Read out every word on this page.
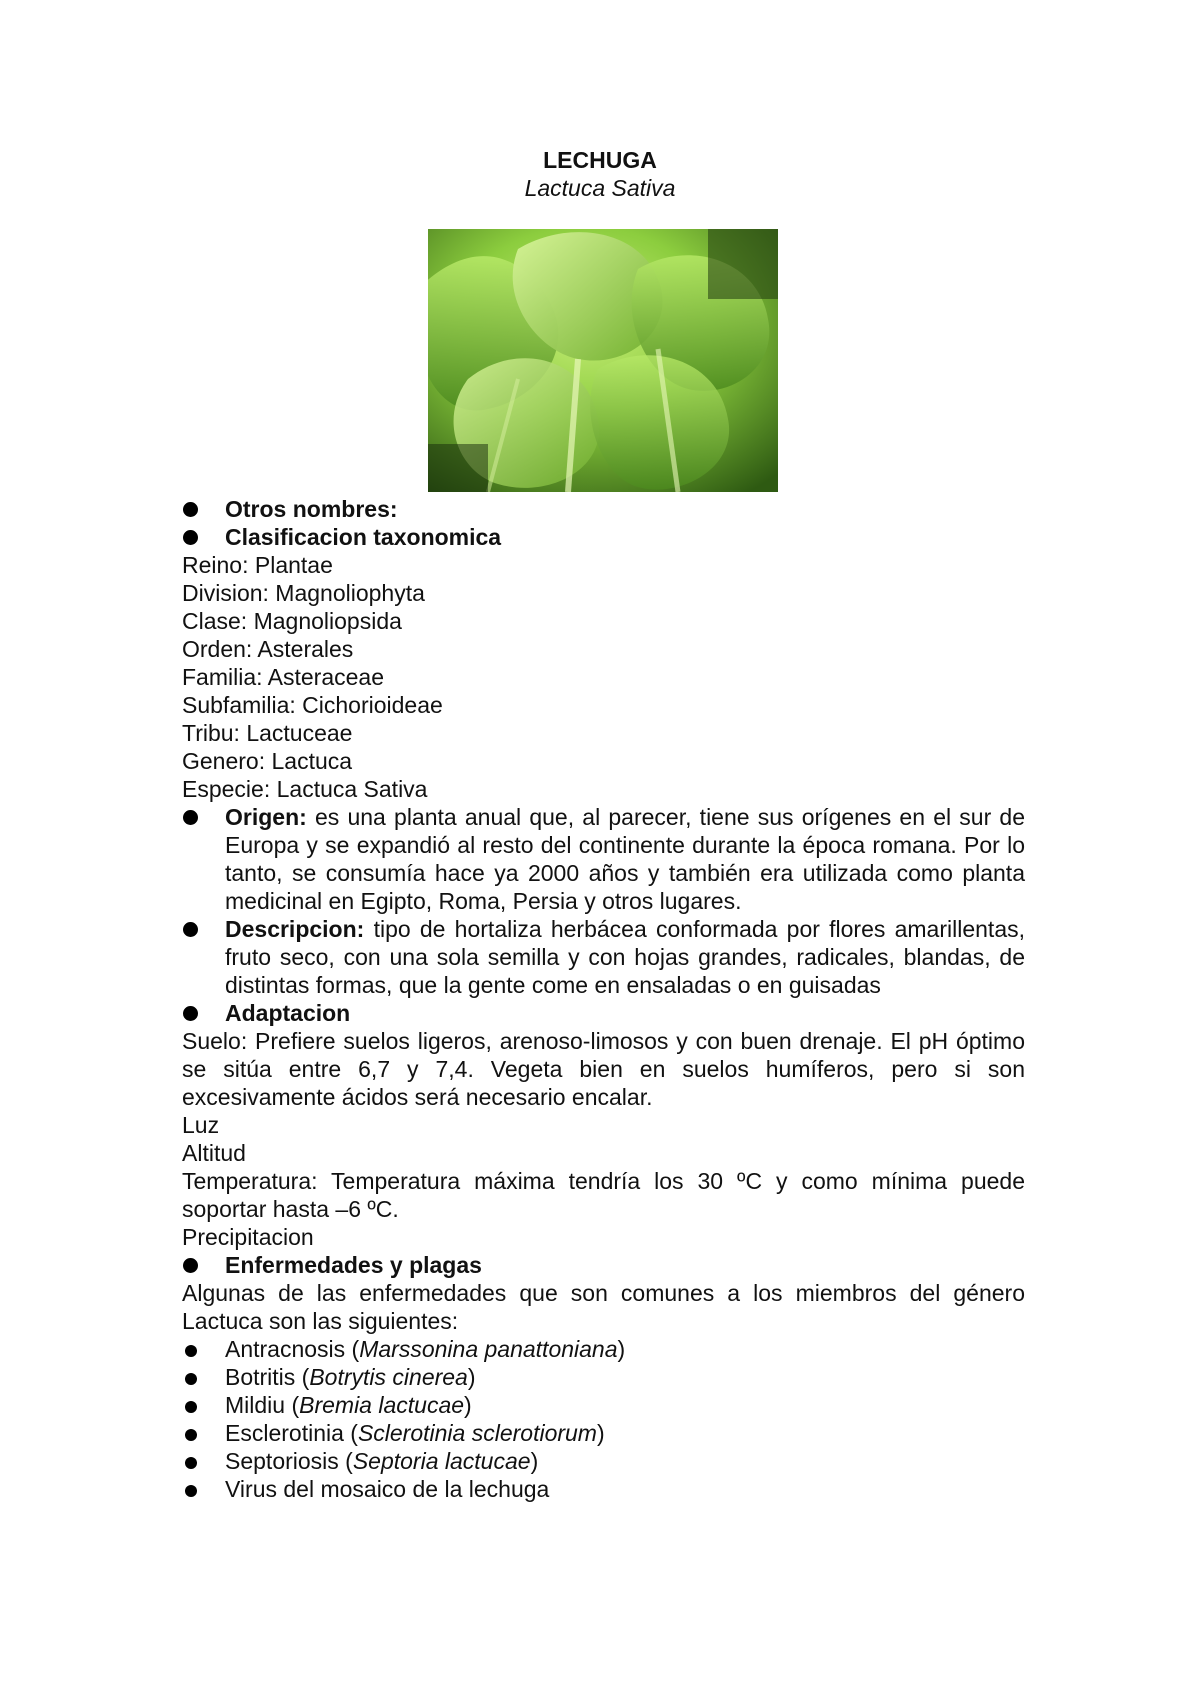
LECHUGA
Lactuca Sativa

Otros nombres:

Clasificacion taxonomica

Reino: Plantae

Division: Magnoliophyta

Clase: Magnoliopsida

Orden: Asterales

Familia: Asteraceae

Subfamilia: Cichorioideae

Tribu: Lactuceae

Genero: Lactuca

Especie: Lactuca Sativa

Origen: es una planta anual que, al parecer, tiene sus orígenes en el sur de Europa y se expandió al resto del continente durante la época romana. Por lo tanto, se consumía hace ya 2000 años y también era utilizada como planta medicinal en Egipto, Roma, Persia y otros lugares.

Descripcion: tipo de hortaliza herbácea conformada por flores amarillentas, fruto seco, con una sola semilla y con hojas grandes, radicales, blandas, de distintas formas, que la gente come en ensaladas o en guisadas

Adaptacion

Suelo: Prefiere suelos ligeros, arenoso-limosos y con buen drenaje. El pH óptimo se sitúa entre 6,7 y 7,4. Vegeta bien en suelos humíferos, pero si son excesivamente ácidos será necesario encalar.

Luz

Altitud

Temperatura: Temperatura máxima tendría los 30 ºC y como mínima puede soportar hasta –6 ºC.

Precipitacion

Enfermedades y plagas

Algunas de las enfermedades que son comunes a los miembros del género Lactuca son las siguientes:

Antracnosis (Marssonina panattoniana)

Botritis (Botrytis cinerea)

Mildiu (Bremia lactucae)

Esclerotinia (Sclerotinia sclerotiorum)

Septoriosis (Septoria lactucae)

Virus del mosaico de la lechuga
